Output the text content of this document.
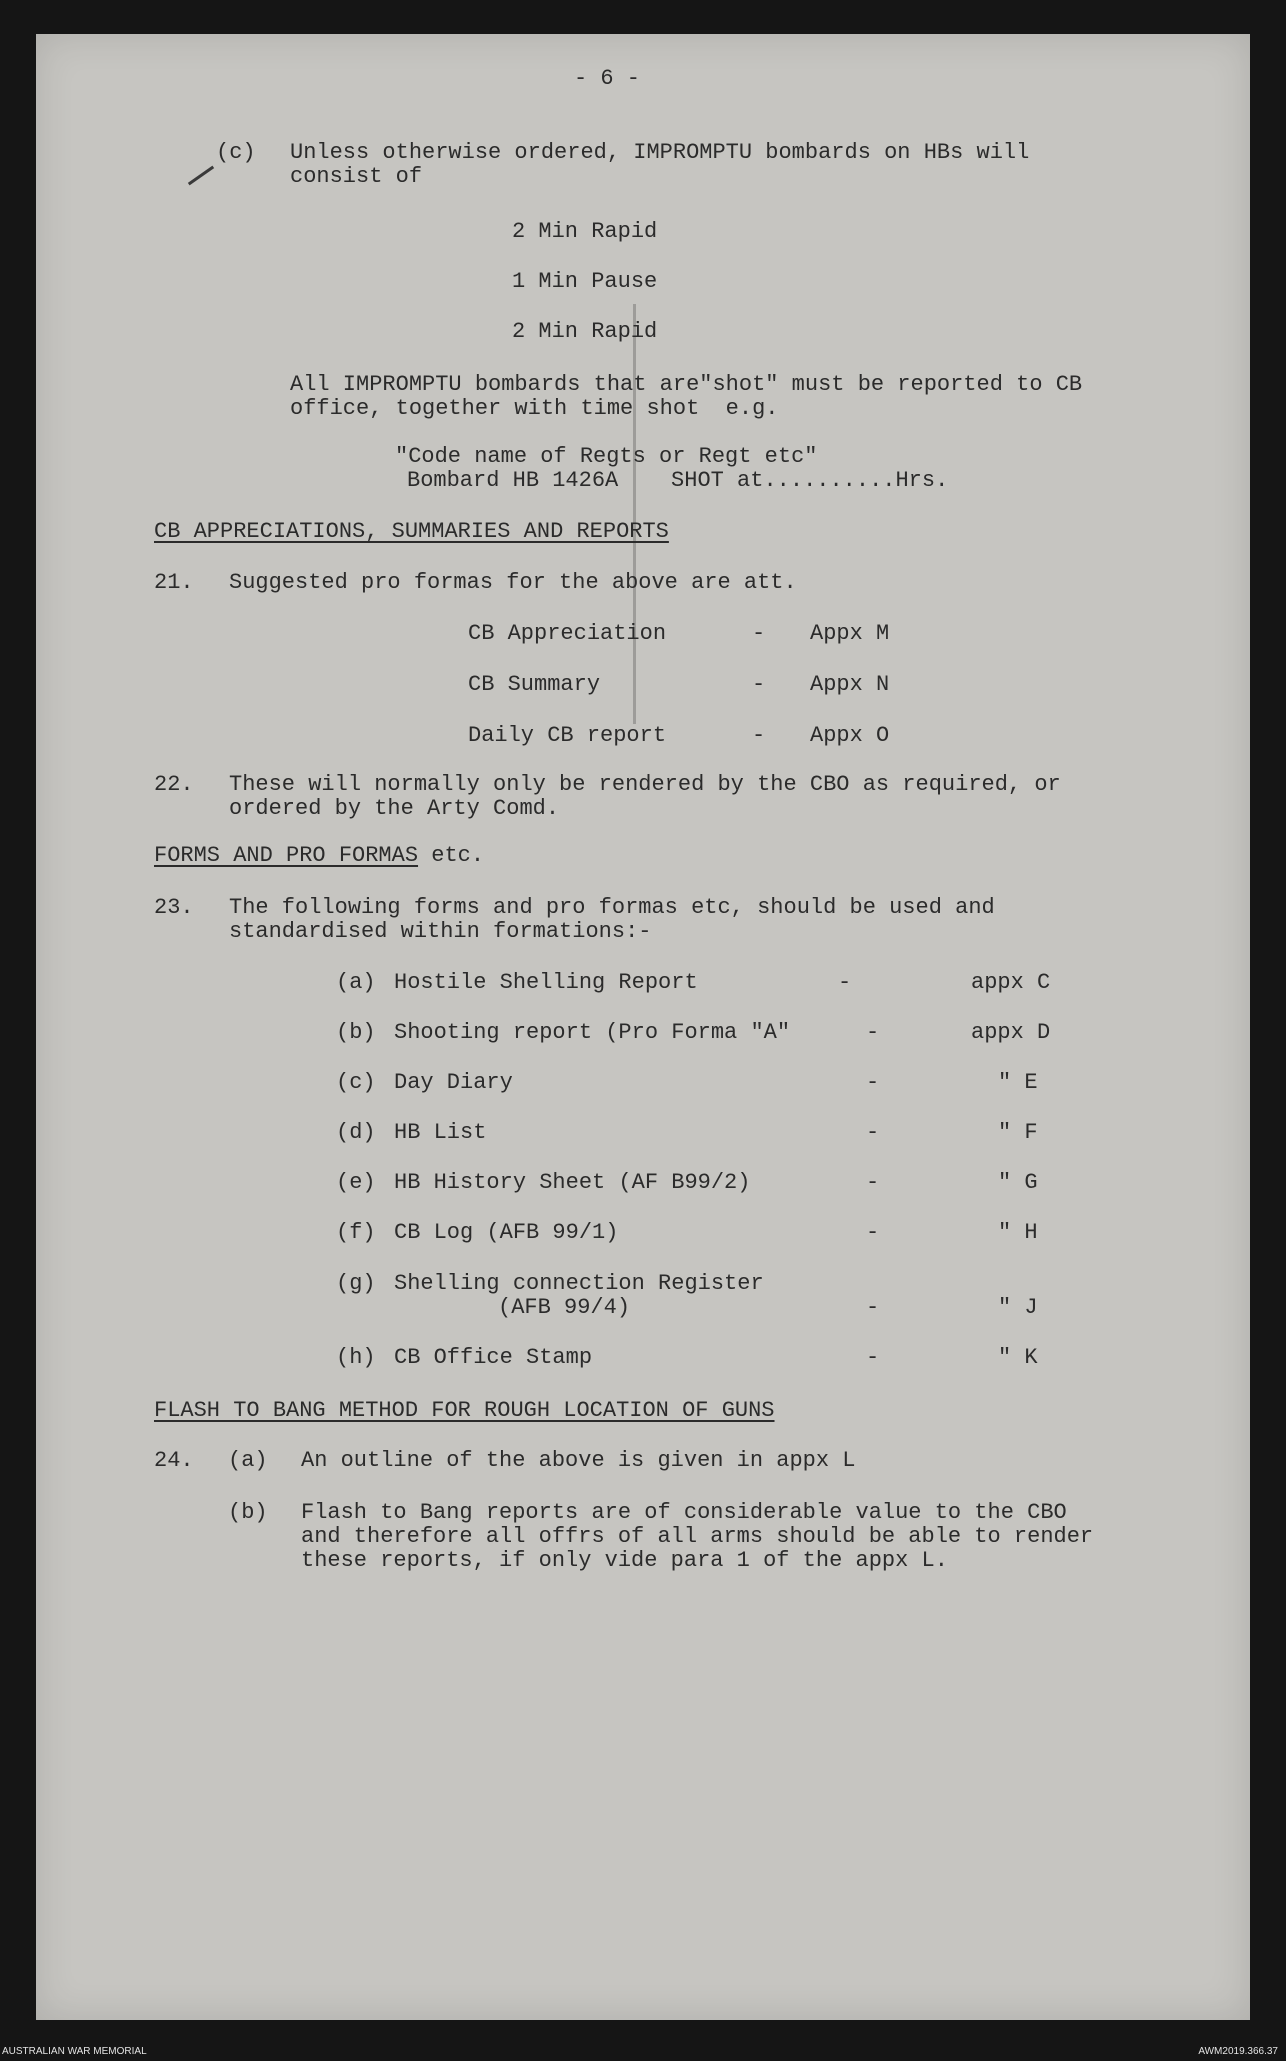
- 6 -

(c) Unless otherwise ordered, IMPROMPTU bombards on HBs will

consist of

2 Min Rapid

1 Min Pause

2 Min Rapid

All IMPROMPTU bombards that are"shot" must be reported to CB

office, together with time shot  e.g.

"Code name of Regts or Regt etc"

Bombard HB 1426A    SHOT at..........Hrs.

CB APPRECIATIONS, SUMMARIES AND REPORTS

21. Suggested pro formas for the above are att.

CB Appreciation	- Appx M

CB Summary	- Appx N

Daily CB report	- Appx O

22. These will normally only be rendered by the CBO as required, or

ordered by the Arty Comd.

FORMS AND PRO FORMAS etc.

23. The following forms and pro formas etc, should be used and

standardised within formations:-

(a) Hostile Shelling Report	-	appx C

(b) Shooting report (Pro Forma "A"	-	appx D

(c) Day Diary	-	" E

(d) HB List	-	" F

(e) HB History Sheet (AF B99/2)	-	" G

(f) CB Log (AFB 99/1)	-	" H

(g) Shelling connection Register

(AFB 99/4)	-	" J

(h) CB Office Stamp	-	" K

FLASH TO BANG METHOD FOR ROUGH LOCATION OF GUNS

24. (a) An outline of the above is given in appx L

(b) Flash to Bang reports are of considerable value to the CBO

and therefore all offrs of all arms should be able to render

these reports, if only vide para 1 of the appx L.

AUSTRALIAN WAR MEMORIAL	AWM2019.366.37
